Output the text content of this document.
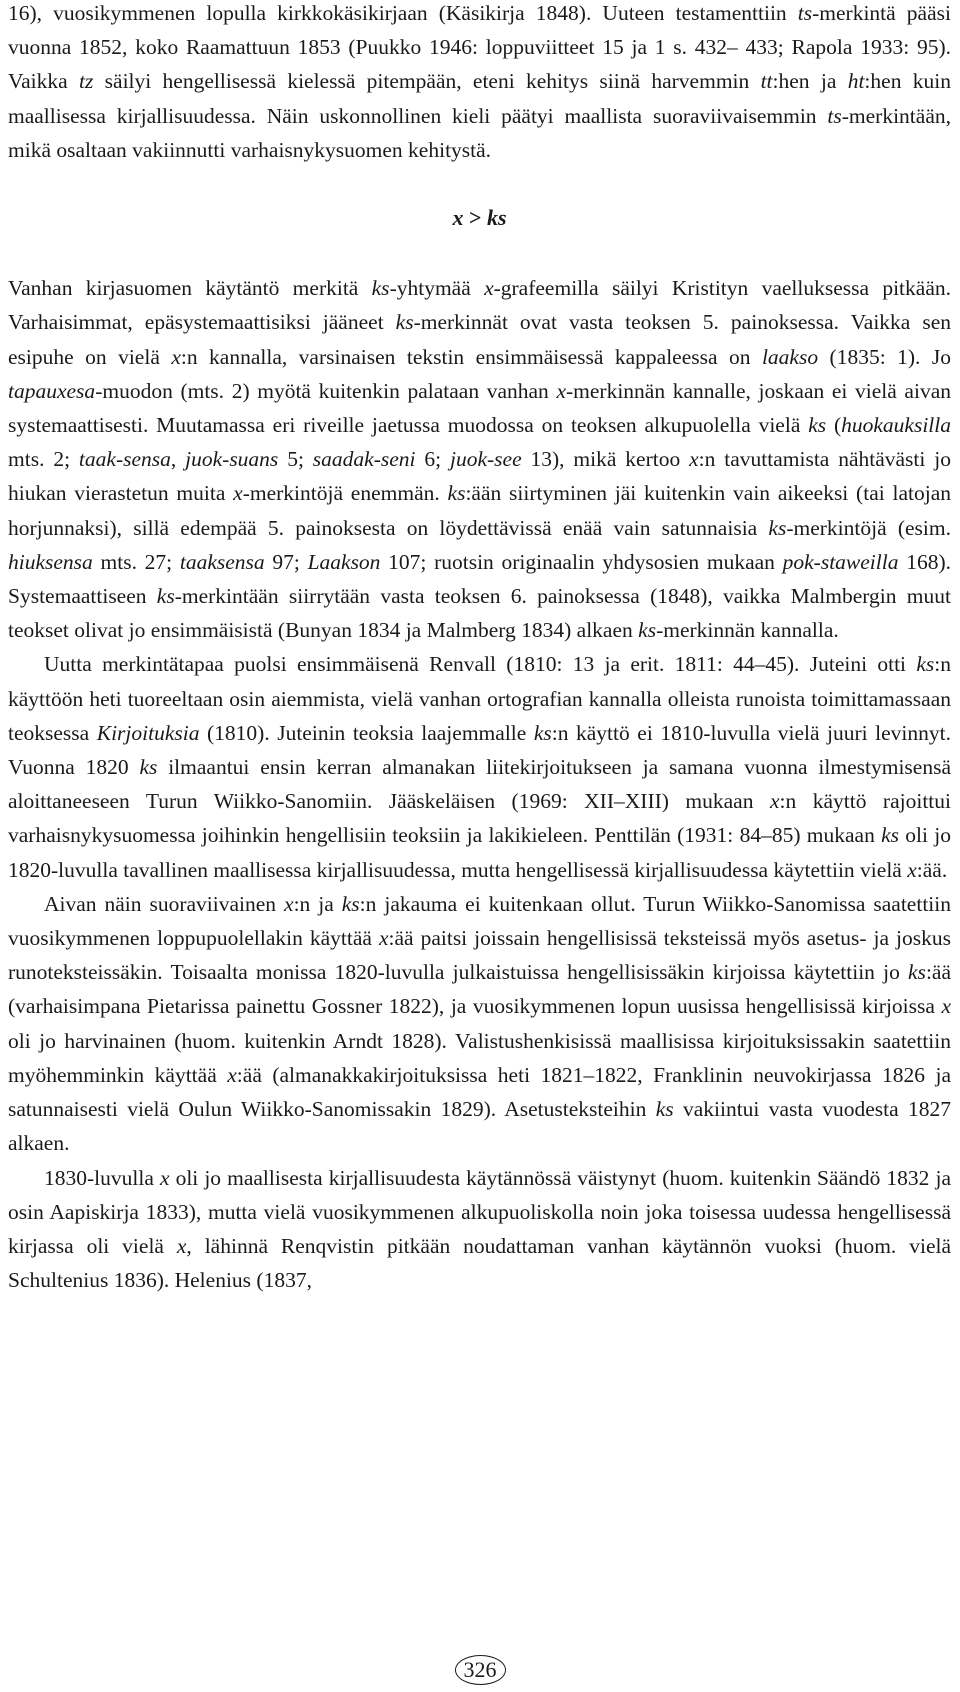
16), vuosikymmenen lopulla kirkkokäsikirjaan (Käsikirja 1848). Uuteen testamenttiin ts-merkintä pääsi vuonna 1852, koko Raamattuun 1853 (Puukko 1946: loppuviitteet 15 ja 1 s. 432– 433; Rapola 1933: 95). Vaikka tz säilyi hengellisessä kielessä pitempään, eteni kehitys siinä harvemmin tt:hen ja ht:hen kuin maallisessa kirjallisuudessa. Näin uskonnollinen kieli päätyi maallista suoraviivaisemmin ts-merkintään, mikä osaltaan vakiinnutti varhaisnykysuomen kehitystä.

x > ks

Vanhan kirjasuomen käytäntö merkitä ks-yhtymää x-grafeemilla säilyi Kristityn vaelluksessa pitkään. Varhaisimmat, epäsystemaattisiksi jääneet ks-merkinnät ovat vasta teoksen 5. painoksessa. Vaikka sen esipuhe on vielä x:n kannalla, varsinaisen tekstin ensimmäisessä kappaleessa on laakso (1835: 1). Jo tapauxesa-muodon (mts. 2) myötä kuitenkin palataan vanhan x-merkinnän kannalle, joskaan ei vielä aivan systemaattisesti. Muutamassa eri riveille jaetussa muodossa on teoksen alkupuolella vielä ks (huokauksilla mts. 2; taak-sensa, juok-suans 5; saadak-seni 6; juok-see 13), mikä kertoo x:n tavuttamista nähtävästi jo hiukan vierastetun muita x-merkintöjä enemmän. ks:ään siirtyminen jäi kuitenkin vain aikeeksi (tai latojan horjunnaksi), sillä edempää 5. painoksesta on löydettävissä enää vain satunnaisia ks-merkintöjä (esim. hiuksensa mts. 27; taaksensa 97; Laakson 107; ruotsin originaalin yhdysosien mukaan pok-staweilla 168). Systemaattiseen ks-merkintään siirrytään vasta teoksen 6. painoksessa (1848), vaikka Malmbergin muut teokset olivat jo ensimmäisistä (Bunyan 1834 ja Malmberg 1834) alkaen ks-merkinnän kannalla.

Uutta merkintätapaa puolsi ensimmäisenä Renvall (1810: 13 ja erit. 1811: 44–45). Juteini otti ks:n käyttöön heti tuoreeltaan osin aiemmista, vielä vanhan ortografian kannalla olleista runoista toimittamassaan teoksessa Kirjoituksia (1810). Juteinin teoksia laajemmalle ks:n käyttö ei 1810-luvulla vielä juuri levinnyt. Vuonna 1820 ks ilmaantui ensin kerran almanakan liitekirjoitukseen ja samana vuonna ilmestymisensä aloittaneeseen Turun Wiikko-Sanomiin. Jääskeläisen (1969: XII–XIII) mukaan x:n käyttö rajoittui varhaisnykysuomessa joihinkin hengellisiin teoksiin ja lakikieleen. Penttilän (1931: 84–85) mukaan ks oli jo 1820-luvulla tavallinen maallisessa kirjallisuudessa, mutta hengellisessä kirjallisuudessa käytettiin vielä x:ää.

Aivan näin suoraviivainen x:n ja ks:n jakauma ei kuitenkaan ollut. Turun Wiikko-Sanomissa saatettiin vuosikymmenen loppupuolellakin käyttää x:ää paitsi joissain hengellisissä teksteissä myös asetus- ja joskus runoteksteissäkin. Toisaalta monissa 1820-luvulla julkaistuissa hengellisissäkin kirjoissa käytettiin jo ks:ää (varhaisimpana Pietarissa painettu Gossner 1822), ja vuosikymmenen lopun uusissa hengellisissä kirjoissa x oli jo harvinainen (huom. kuitenkin Arndt 1828). Valistushenkisissä maallisissa kirjoituksissakin saatettiin myöhemminkin käyttää x:ää (almanakkakirjoituksissa heti 1821–1822, Franklinin neuvokirjassa 1826 ja satunnaisesti vielä Oulun Wiikko-Sanomissakin 1829). Asetusteksteihin ks vakiintui vasta vuodesta 1827 alkaen.

1830-luvulla x oli jo maallisesta kirjallisuudesta käytännössä väistynyt (huom. kuitenkin Säändö 1832 ja osin Aapiskirja 1833), mutta vielä vuosikymmenen alkupuoliskolla noin joka toisessa uudessa hengellisessä kirjassa oli vielä x, lähinnä Renqvistin pitkään noudattaman vanhan käytännön vuoksi (huom. vielä Schultenius 1836). Helenius (1837,

326
